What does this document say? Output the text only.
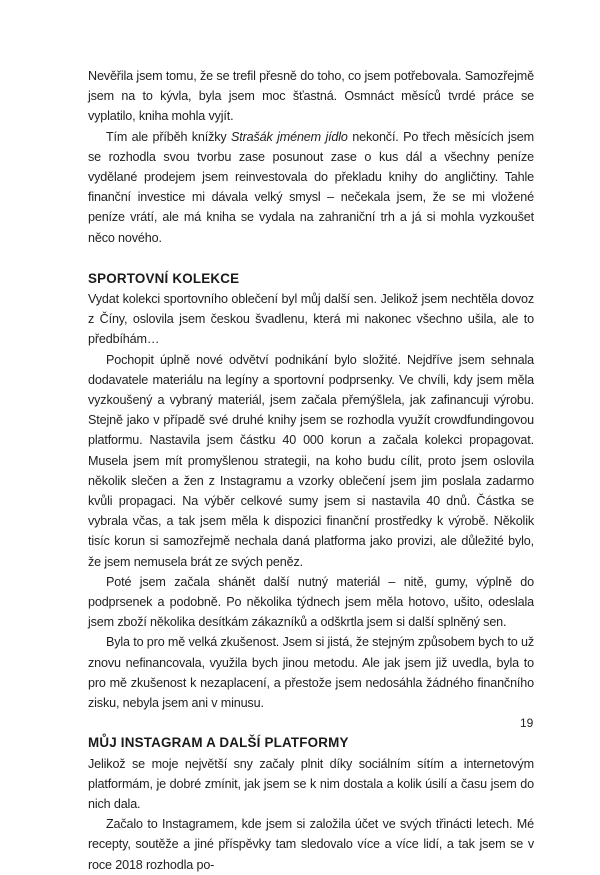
Nevěřila jsem tomu, že se trefil přesně do toho, co jsem potřebovala. Samozřejmě jsem na to kývla, byla jsem moc šťastná. Osmnáct měsíců tvrdé práce se vyplatilo, kniha mohla vyjít.

Tím ale příběh knížky Strašák jménem jídlo nekončí. Po třech měsících jsem se rozhodla svou tvorbu zase posunout zase o kus dál a všechny peníze vydělané prodejem jsem reinvestovala do překladu knihy do angličtiny. Tahle finanční investice mi dávala velký smysl – nečekala jsem, že se mi vložené peníze vrátí, ale má kniha se vydala na zahraniční trh a já si mohla vyzkoušet něco nového.

SPORTOVNÍ KOLEKCE

Vydat kolekci sportovního oblečení byl můj další sen. Jelikož jsem nechtěla dovoz z Číny, oslovila jsem českou švadlenu, která mi nakonec všechno ušila, ale to předbíhám…

Pochopit úplně nové odvětví podnikání bylo složité. Nejdříve jsem sehnala dodavatele materiálu na legíny a sportovní podprsenky. Ve chvíli, kdy jsem měla vyzkoušený a vybraný materiál, jsem začala přemýšlela, jak zafinancuji výrobu. Stejně jako v případě své druhé knihy jsem se rozhodla využít crowdfundingovou platformu. Nastavila jsem částku 40 000 korun a začala kolekci propagovat. Musela jsem mít promyšlenou strategii, na koho budu cílit, proto jsem oslovila několik slečen a žen z Instagramu a vzorky oblečení jsem jim poslala zadarmo kvůli propagaci. Na výběr celkové sumy jsem si nastavila 40 dnů. Částka se vybrala včas, a tak jsem měla k dispozici finanční prostředky k výrobě. Několik tisíc korun si samozřejmě nechala daná platforma jako provizi, ale důležité bylo, že jsem nemusela brát ze svých peněz.

Poté jsem začala shánět další nutný materiál – nitě, gumy, výplně do podprsenek a podobně. Po několika týdnech jsem měla hotovo, ušito, odeslala jsem zboží několika desítkám zákazníků a odškrtla jsem si další splněný sen.

Byla to pro mě velká zkušenost. Jsem si jistá, že stejným způsobem bych to už znovu nefinancovala, využila bych jinou metodu. Ale jak jsem již uvedla, byla to pro mě zkušenost k nezaplacení, a přestože jsem nedosáhla žádného finančního zisku, nebyla jsem ani v minusu.

MŮJ INSTAGRAM A DALŠÍ PLATFORMY

Jelikož se moje největší sny začaly plnit díky sociálním sítím a internetovým platformám, je dobré zmínit, jak jsem se k nim dostala a kolik úsilí a času jsem do nich dala.

Začalo to Instagramem, kde jsem si založila účet ve svých třinácti letech. Mé recepty, soutěže a jiné příspěvky tam sledovalo více a více lidí, a tak jsem se v roce 2018 rozhodla po-

19
